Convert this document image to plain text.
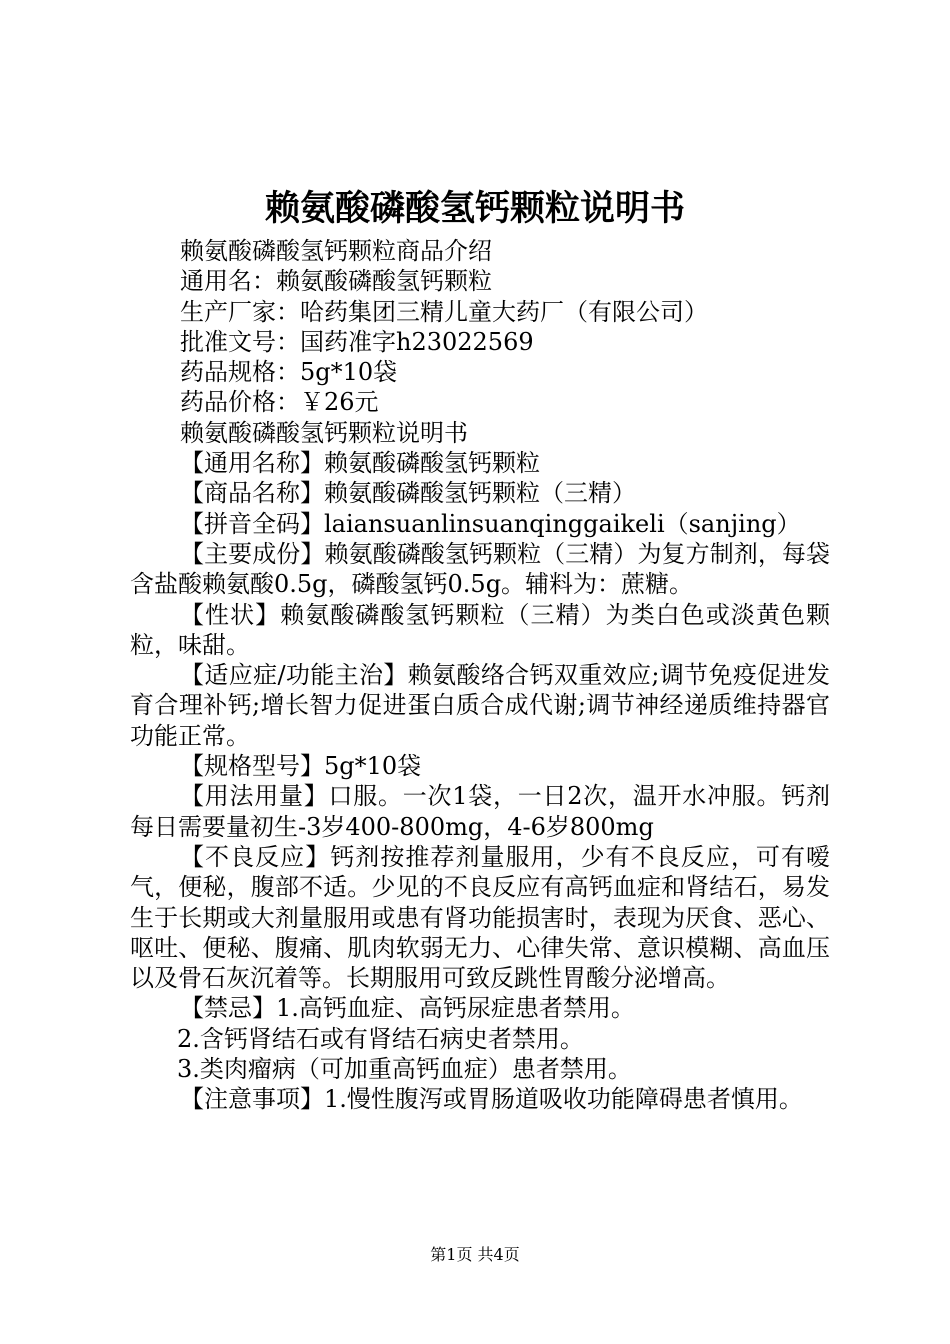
赖氨酸磷酸氢钙颗粒说明书

赖氨酸磷酸氢钙颗粒商品介绍

通用名：赖氨酸磷酸氢钙颗粒

生产厂家：哈药集团三精儿童大药厂（有限公司）

批准文号：国药准字h23022569

药品规格：5g*10袋

药品价格：￥26元

赖氨酸磷酸氢钙颗粒说明书

【通用名称】赖氨酸磷酸氢钙颗粒

【商品名称】赖氨酸磷酸氢钙颗粒（三精）

【拼音全码】laiansuanlinsuanqinggaikeli（sanjing）

【主要成份】赖氨酸磷酸氢钙颗粒（三精）为复方制剂，每袋含盐酸赖氨酸0.5g，磷酸氢钙0.5g。辅料为：蔗糖。

【性状】赖氨酸磷酸氢钙颗粒（三精）为类白色或淡黄色颗粒，味甜。

【适应症/功能主治】赖氨酸络合钙双重效应;调节免疫促进发育合理补钙;增长智力促进蛋白质合成代谢;调节神经递质维持器官功能正常。

【规格型号】5g*10袋

【用法用量】口服。一次1袋，一日2次，温开水冲服。钙剂每日需要量初生-3岁400-800mg，4-6岁800mg

【不良反应】钙剂按推荐剂量服用，少有不良反应，可有嗳气，便秘，腹部不适。少见的不良反应有高钙血症和肾结石，易发生于长期或大剂量服用或患有肾功能损害时，表现为厌食、恶心、呕吐、便秘、腹痛、肌肉软弱无力、心律失常、意识模糊、高血压以及骨石灰沉着等。长期服用可致反跳性胃酸分泌增高。

【禁忌】1.高钙血症、高钙尿症患者禁用。

2.含钙肾结石或有肾结石病史者禁用。

3.类肉瘤病（可加重高钙血症）患者禁用。

【注意事项】1.慢性腹泻或胃肠道吸收功能障碍患者慎用。

第1页 共4页
